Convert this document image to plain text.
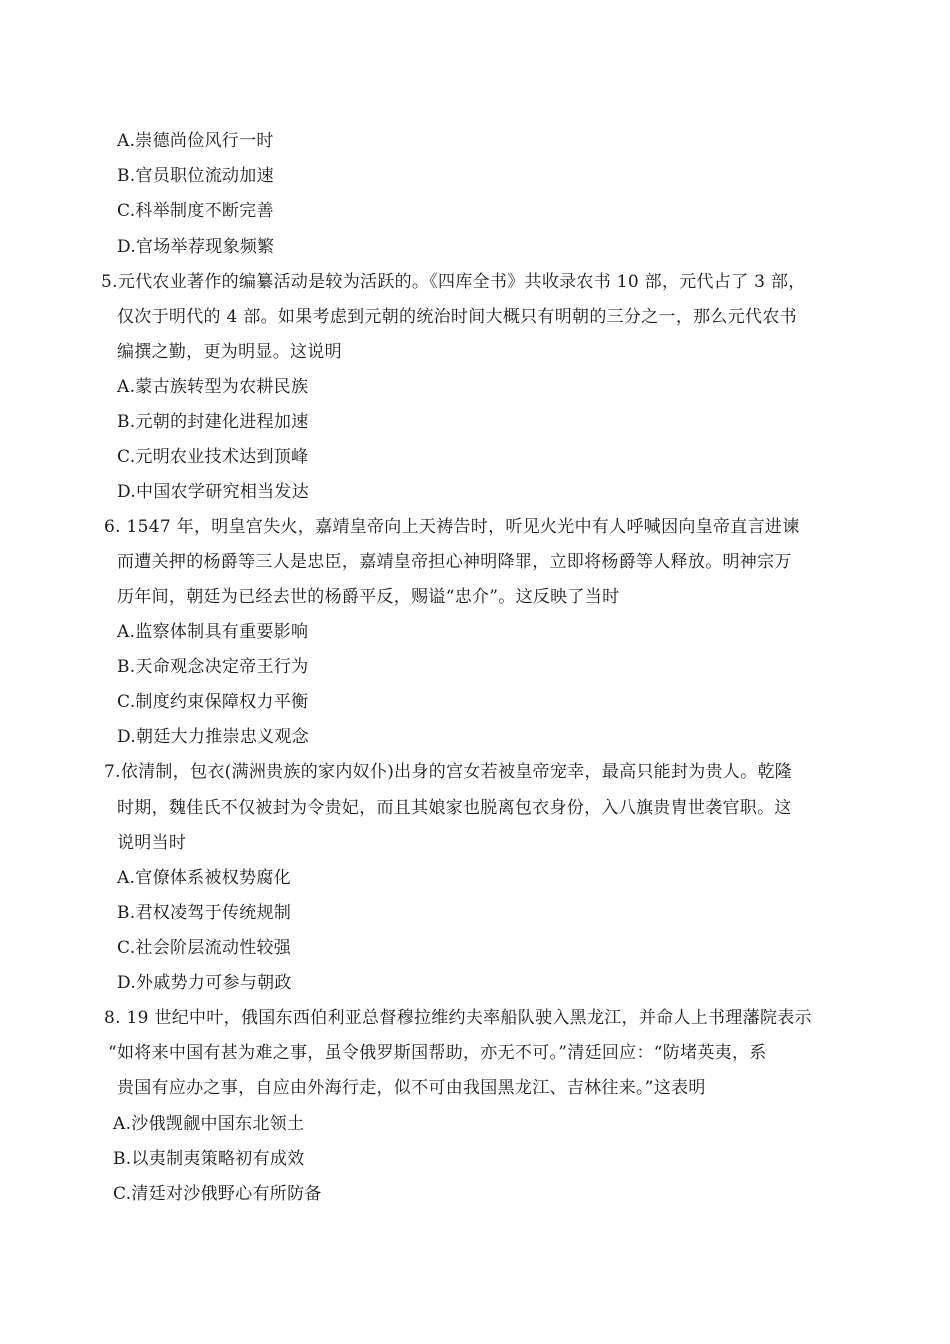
A.崇德尚俭风行一时
B.官员职位流动加速
C.科举制度不断完善
D.官场举荐现象频繁
5.元代农业著作的编纂活动是较为活跃的。《四库全书》共收录农书 10 部，元代占了 3 部，
仅次于明代的 4 部。如果考虑到元朝的统治时间大概只有明朝的三分之一，那么元代农书
编撰之勤，更为明显。这说明
A.蒙古族转型为农耕民族
B.元朝的封建化进程加速
C.元明农业技术达到顶峰
D.中国农学研究相当发达
6. 1547 年，明皇宫失火，嘉靖皇帝向上天祷告时，听见火光中有人呼喊因向皇帝直言进谏
而遭关押的杨爵等三人是忠臣，嘉靖皇帝担心神明降罪，立即将杨爵等人释放。明神宗万
历年间，朝廷为已经去世的杨爵平反，赐谥“忠介”。这反映了当时
A.监察体制具有重要影响
B.天命观念决定帝王行为
C.制度约束保障权力平衡
D.朝廷大力推崇忠义观念
7.依清制，包衣(满洲贵族的家内奴仆)出身的宫女若被皇帝宠幸，最高只能封为贵人。乾隆
时期，魏佳氏不仅被封为令贵妃，而且其娘家也脱离包衣身份，入八旗贵胄世袭官职。这
说明当时
A.官僚体系被权势腐化
B.君权凌驾于传统规制
C.社会阶层流动性较强
D.外戚势力可参与朝政
8. 19 世纪中叶，俄国东西伯利亚总督穆拉维约夫率船队驶入黑龙江，并命人上书理藩院表示
“如将来中国有甚为难之事，虽令俄罗斯国帮助，亦无不可。”清廷回应：“防堵英夷，系
贵国有应办之事，自应由外海行走，似不可由我国黑龙江、吉林往来。”这表明
A.沙俄觊觎中国东北领土
B.以夷制夷策略初有成效
C.清廷对沙俄野心有所防备
